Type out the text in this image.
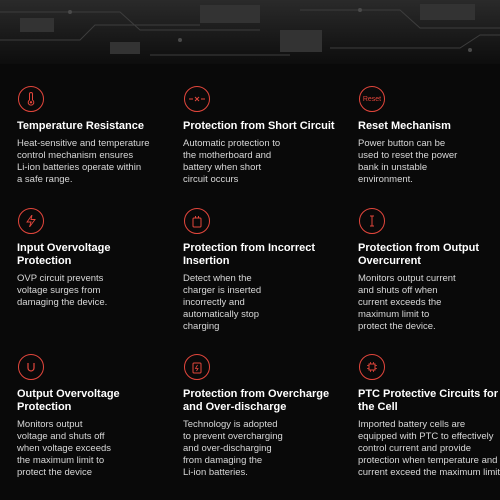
Temperature Resistance
Heat-sensitive and temperature
control mechanism ensures
Li-ion batteries operate within
a safe range.
Protection from Short Circuit
Automatic protection to
the motherboard and
battery when short
circuit occurs
Reset
Reset Mechanism
Power button can be
used to reset the power
bank in unstable
environment.
Input Overvoltage
Protection
OVP circuit prevents
voltage surges from
damaging the device.
Protection from Incorrect
Insertion
Detect when the
charger is inserted
incorrectly and
automatically stop
charging
Protection from Output
Overcurrent
Monitors output current
and shuts off when
current exceeds the
maximum limit to
protect the device.
Output Overvoltage
Protection
Monitors output
voltage and shuts off
when voltage exceeds
the maximum limit to
protect the device
Protection from Overcharge
and Over-discharge
Technology is adopted
to prevent overcharging
and over-discharging
from damaging the
Li-ion batteries.
PTC Protective Circuits for
the Cell
Imported battery cells are
equipped with PTC to effectively
control current and provide
protection when temperature and
current exceed the maximum limit
